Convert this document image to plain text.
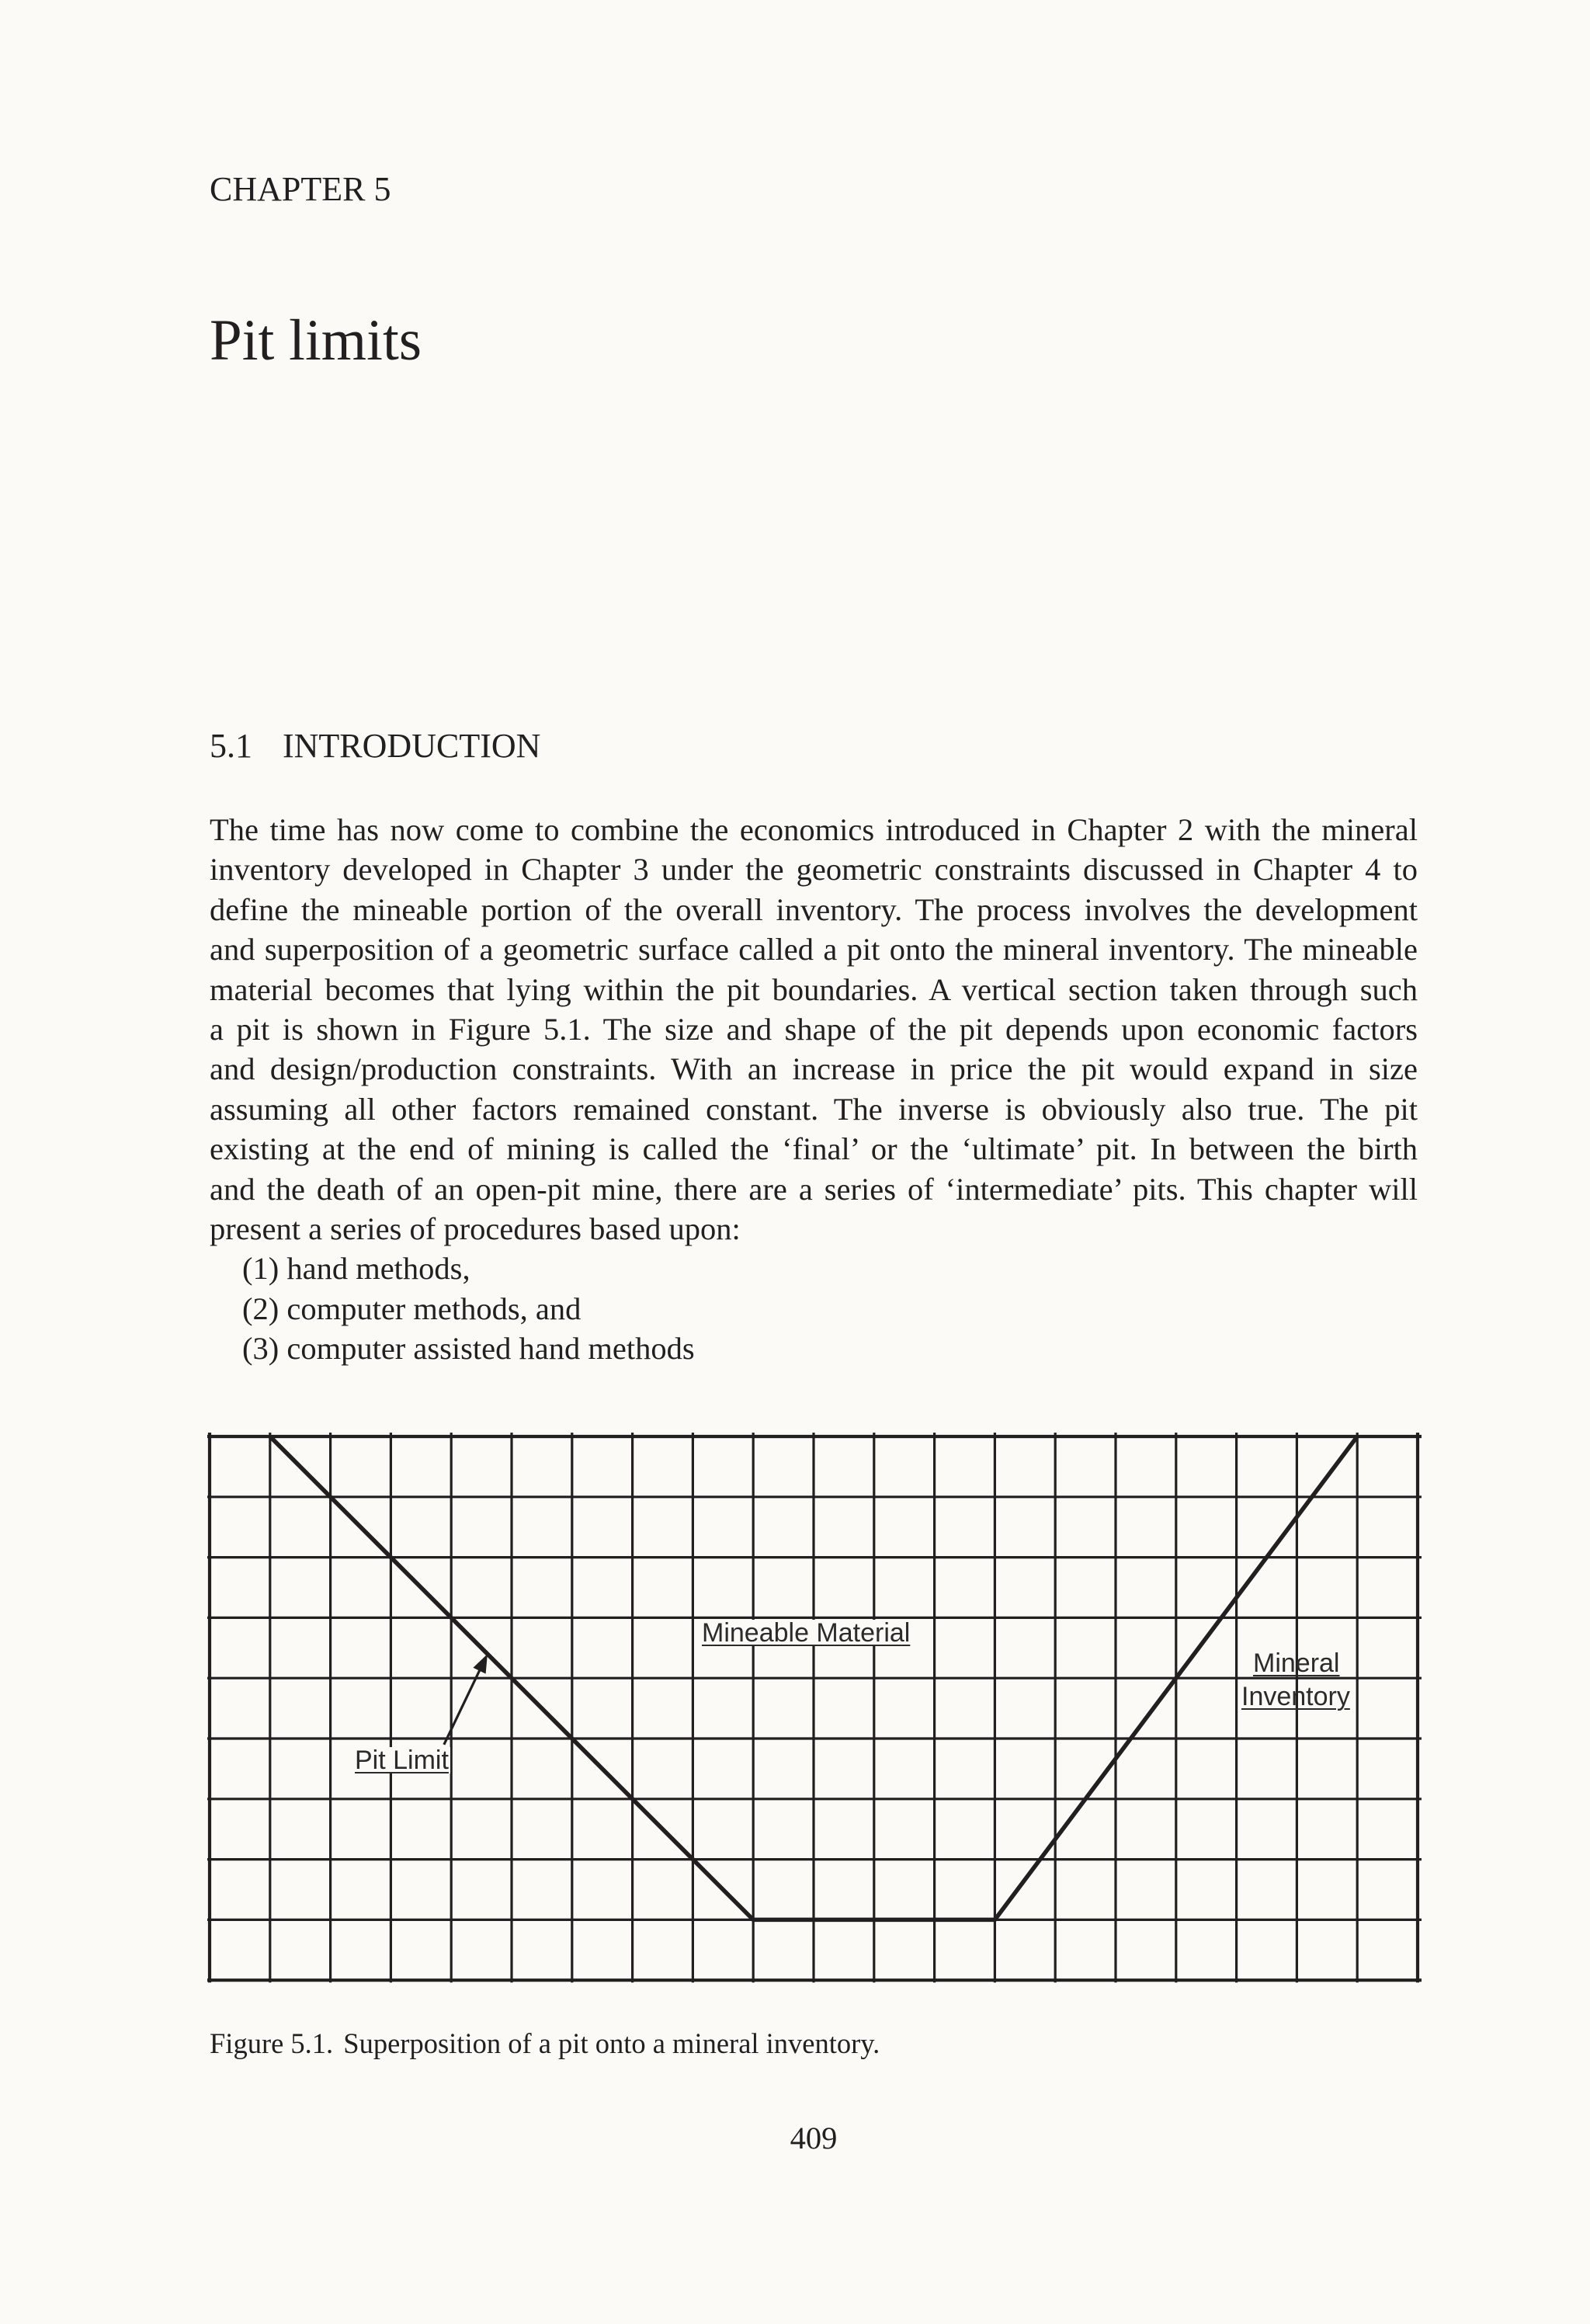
CHAPTER 5
Pit limits
5.1 INTRODUCTION
The time has now come to combine the economics introduced in Chapter 2 with the mineral
inventory developed in Chapter 3 under the geometric constraints discussed in Chapter 4 to
define the mineable portion of the overall inventory. The process involves the development
and superposition of a geometric surface called a pit onto the mineral inventory. The mineable
material becomes that lying within the pit boundaries. A vertical section taken through such
a pit is shown in Figure 5.1. The size and shape of the pit depends upon economic factors
and design/production constraints. With an increase in price the pit would expand in size
assuming all other factors remained constant. The inverse is obviously also true. The pit
existing at the end of mining is called the ‘final’ or the ‘ultimate’ pit. In between the birth
and the death of an open-pit mine, there are a series of ‘intermediate’ pits. This chapter will
present a series of procedures based upon:
(1) hand methods,
(2) computer methods, and
(3) computer assisted hand methods
Mineable Material
Pit Limit
Mineral
Inventory
Figure 5.1. Superposition of a pit onto a mineral inventory.
409
